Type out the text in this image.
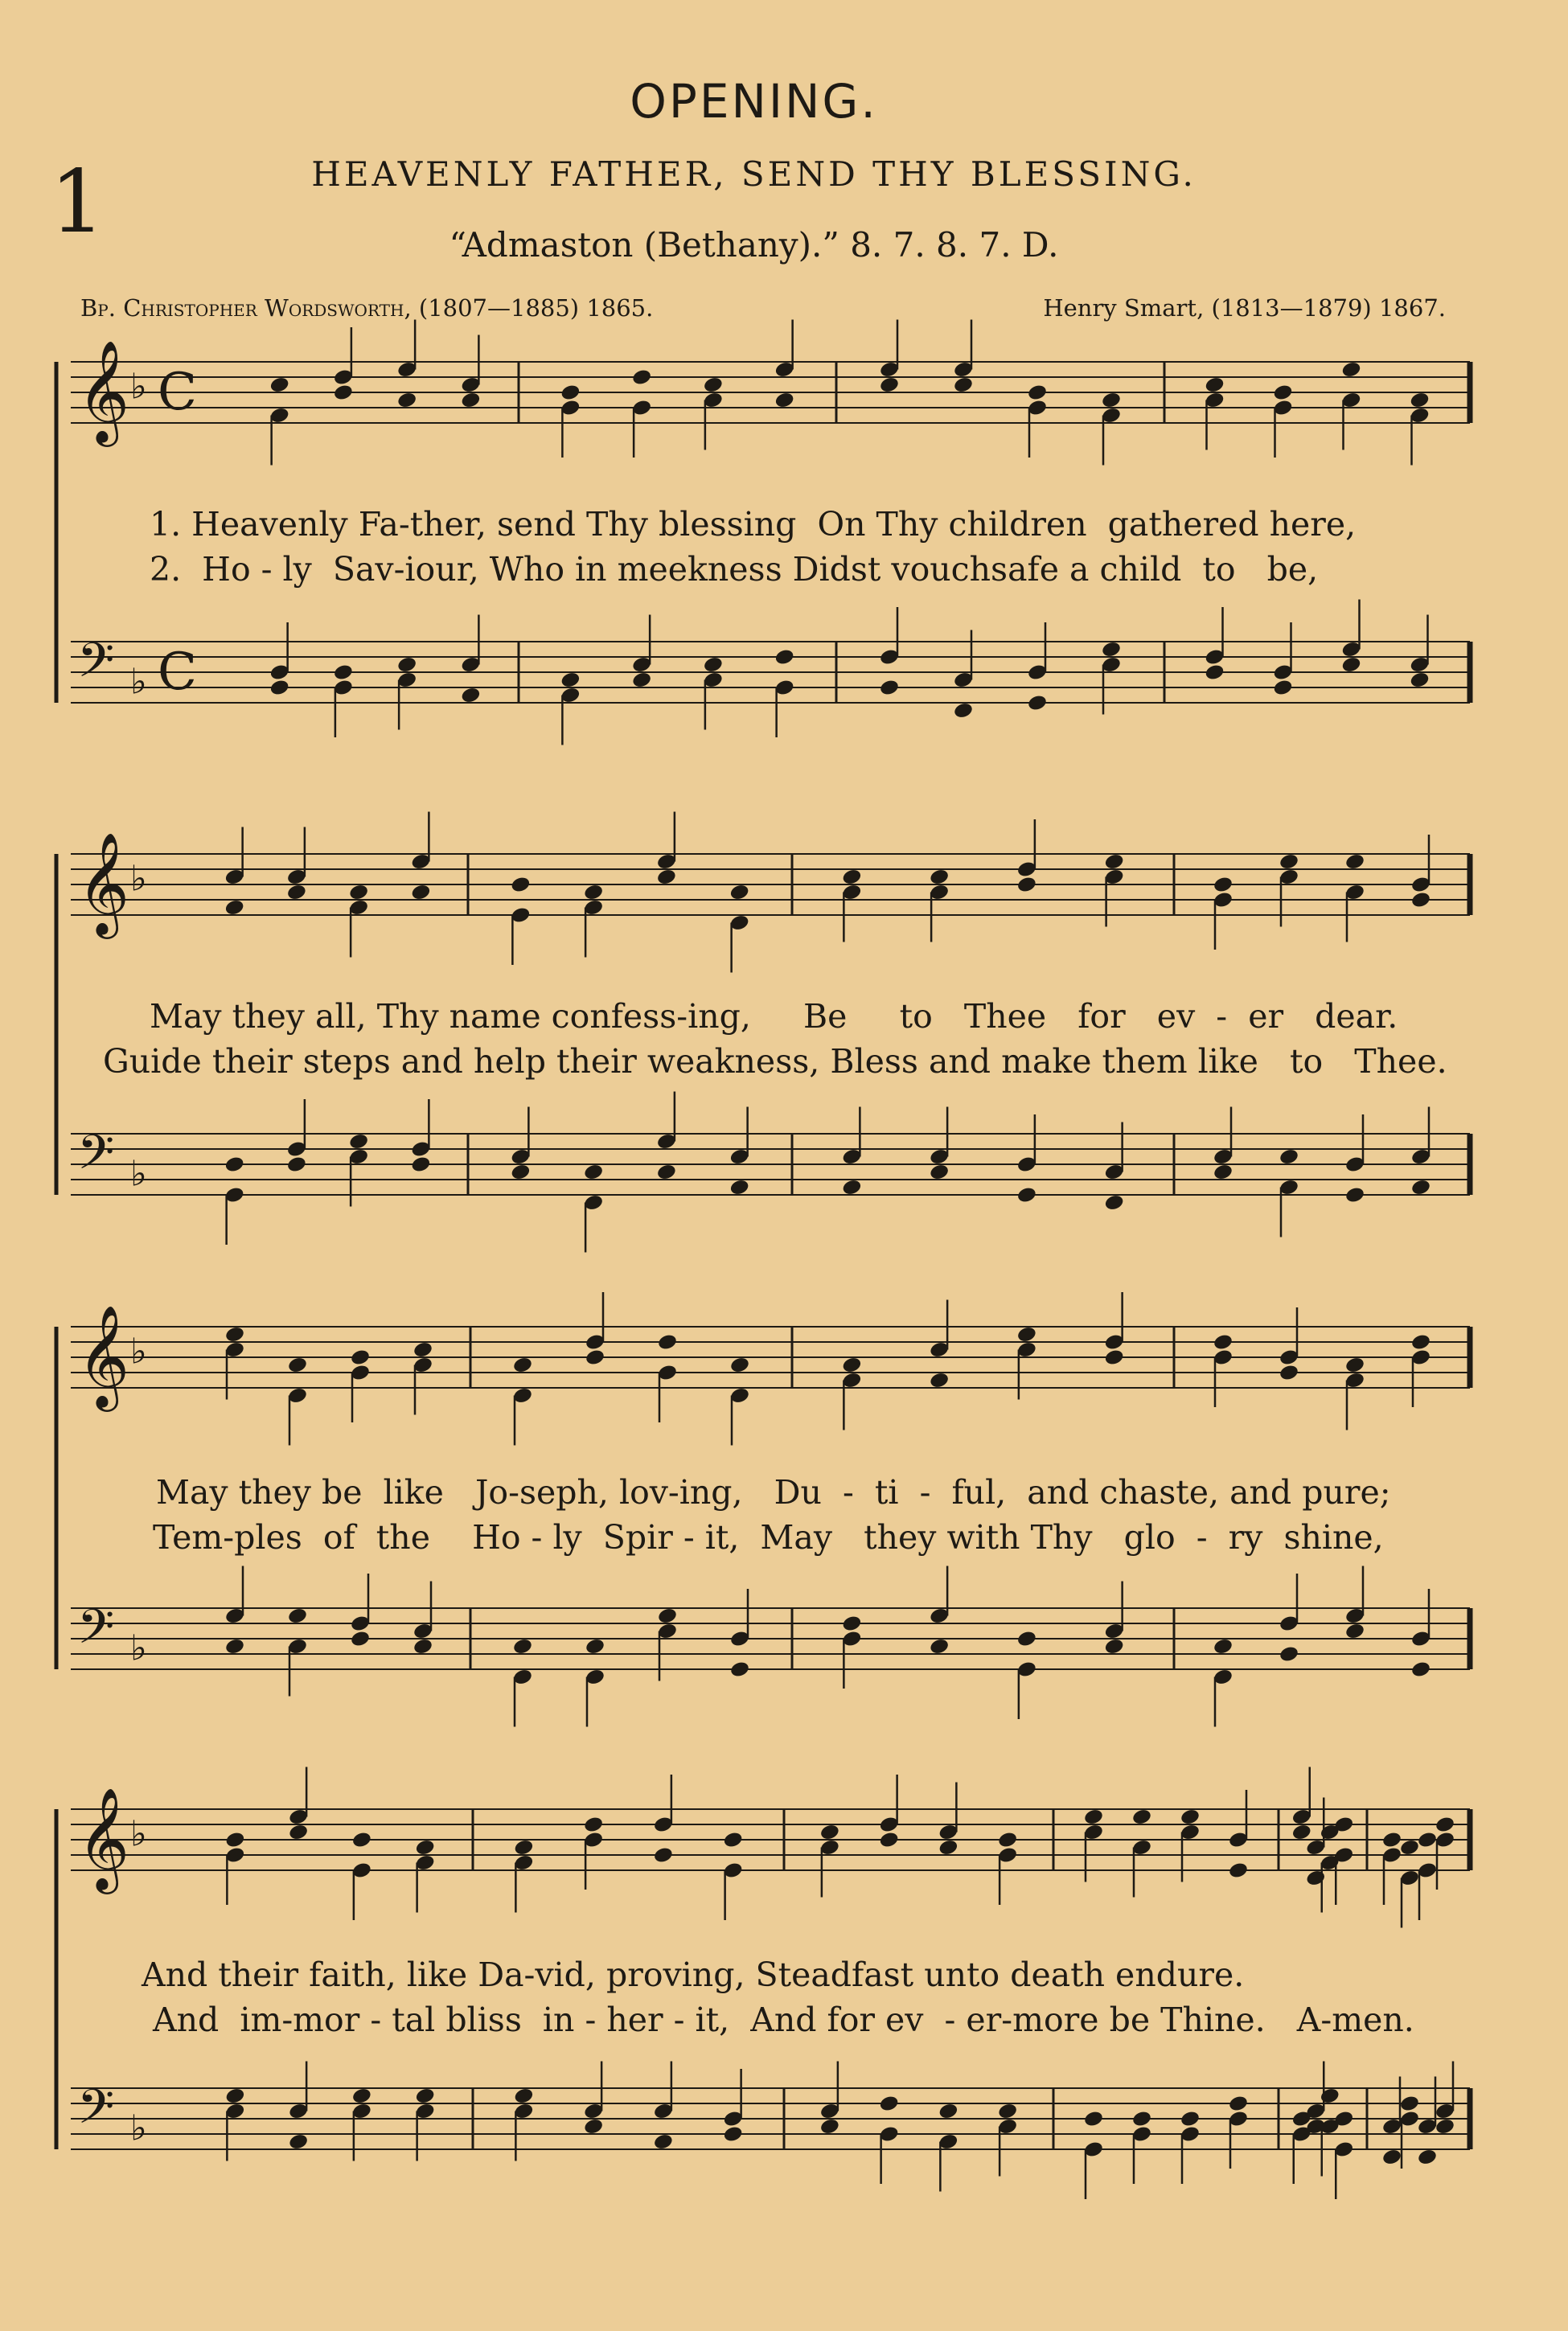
OPENING.
1	HEAVENLY FATHER, SEND THY BLESSING.
“Admaston (Bethany).” 8. 7. 8. 7. D.
Bp. Christopher Wordsworth, (1807—1885) 1865.	Henry Smart, (1813—1879) 1867.
𝄞 ♭ C
𝄢 ♭ C
𝄞 ♭
𝄢 ♭
𝄞 ♭
𝄢 ♭
𝄞 ♭
𝄢 ♭
1. Heavenly Fa-ther, send Thy blessing  On Thy children  gathered here,
2.  Ho - ly  Sav-iour, Who in meekness Didst vouchsafe a child  to   be,
May they all, Thy name confess-ing,     Be     to   Thee   for   ev  -  er   dear.
Guide their steps and help their weakness, Bless and make them like   to   Thee.
May they be  like   Jo-seph, lov-ing,   Du  -  ti  -  ful,  and chaste, and pure;
Tem-ples  of  the    Ho - ly  Spir - it,  May   they with Thy   glo  -  ry  shine,
And their faith, like Da-vid, proving, Steadfast unto death endure.
And  im-mor - tal bliss  in - her - it,  And for ev  - er-more be Thine.   A-men.
